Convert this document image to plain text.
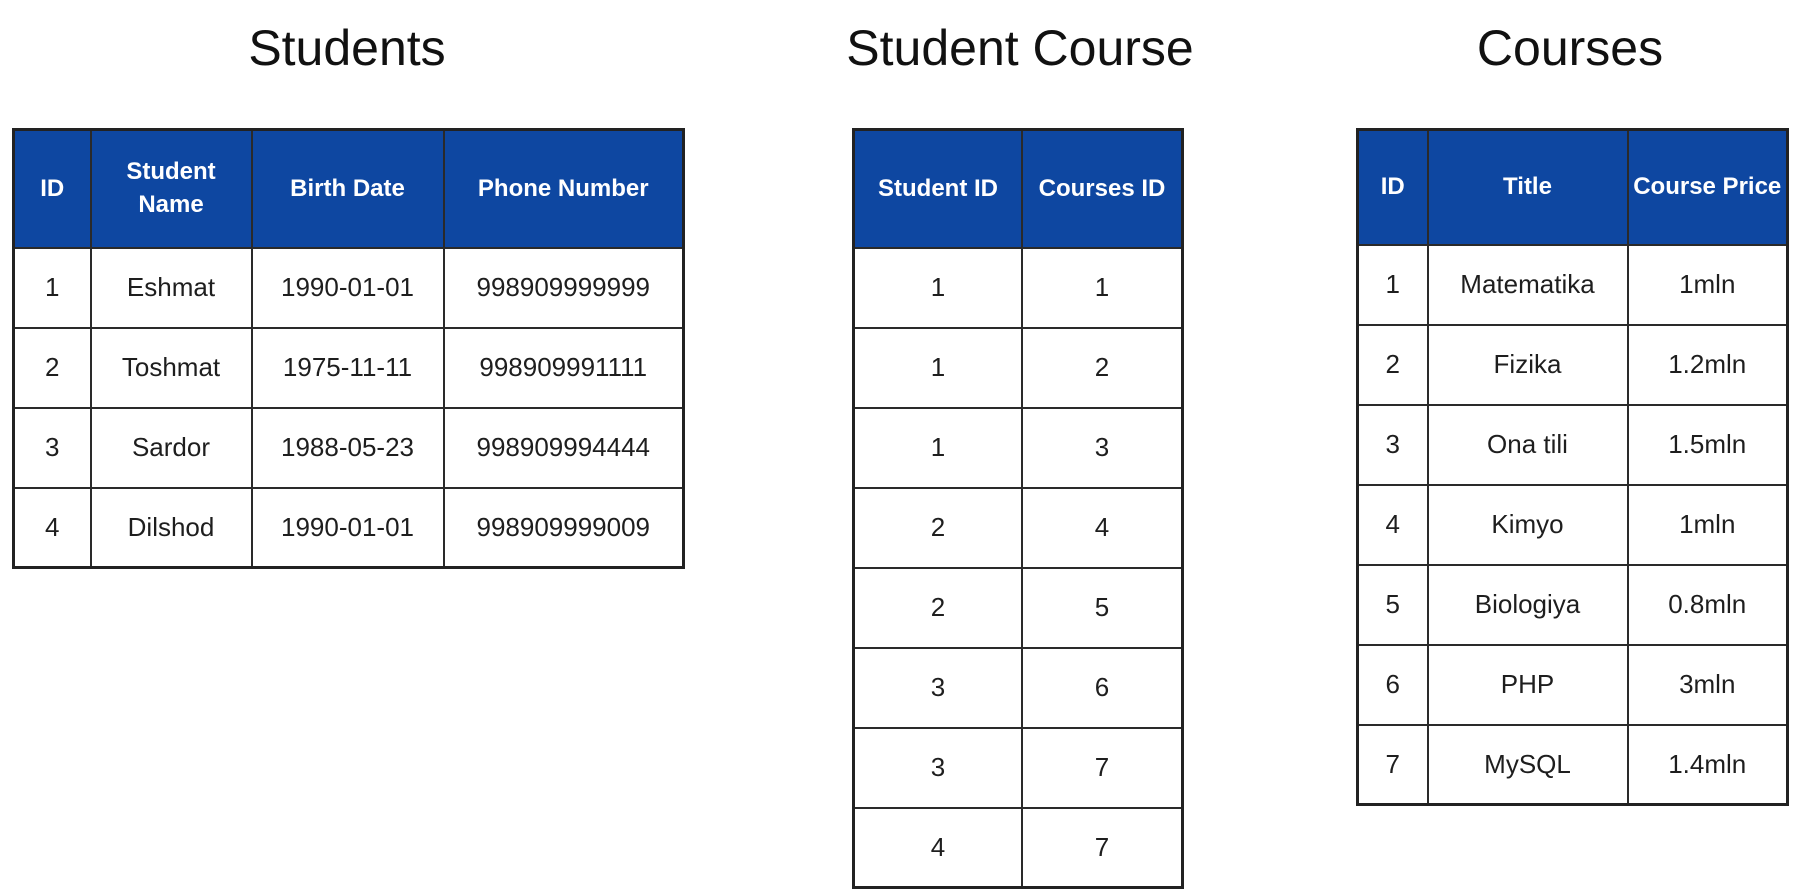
Students
ID	Student Name	Birth Date	Phone Number
1	Eshmat	1990-01-01	998909999999
2	Toshmat	1975-11-11	998909991111
3	Sardor	1988-05-23	998909994444
4	Dilshod	1990-01-01	998909999009
Student Course
Student ID	Courses ID
1	1
1	2
1	3
2	4
2	5
3	6
3	7
4	7
Courses
ID	Title	Course Price
1	Matematika	1mln
2	Fizika	1.2mln
3	Ona tili	1.5mln
4	Kimyo	1mln
5	Biologiya	0.8mln
6	PHP	3mln
7	MySQL	1.4mln
